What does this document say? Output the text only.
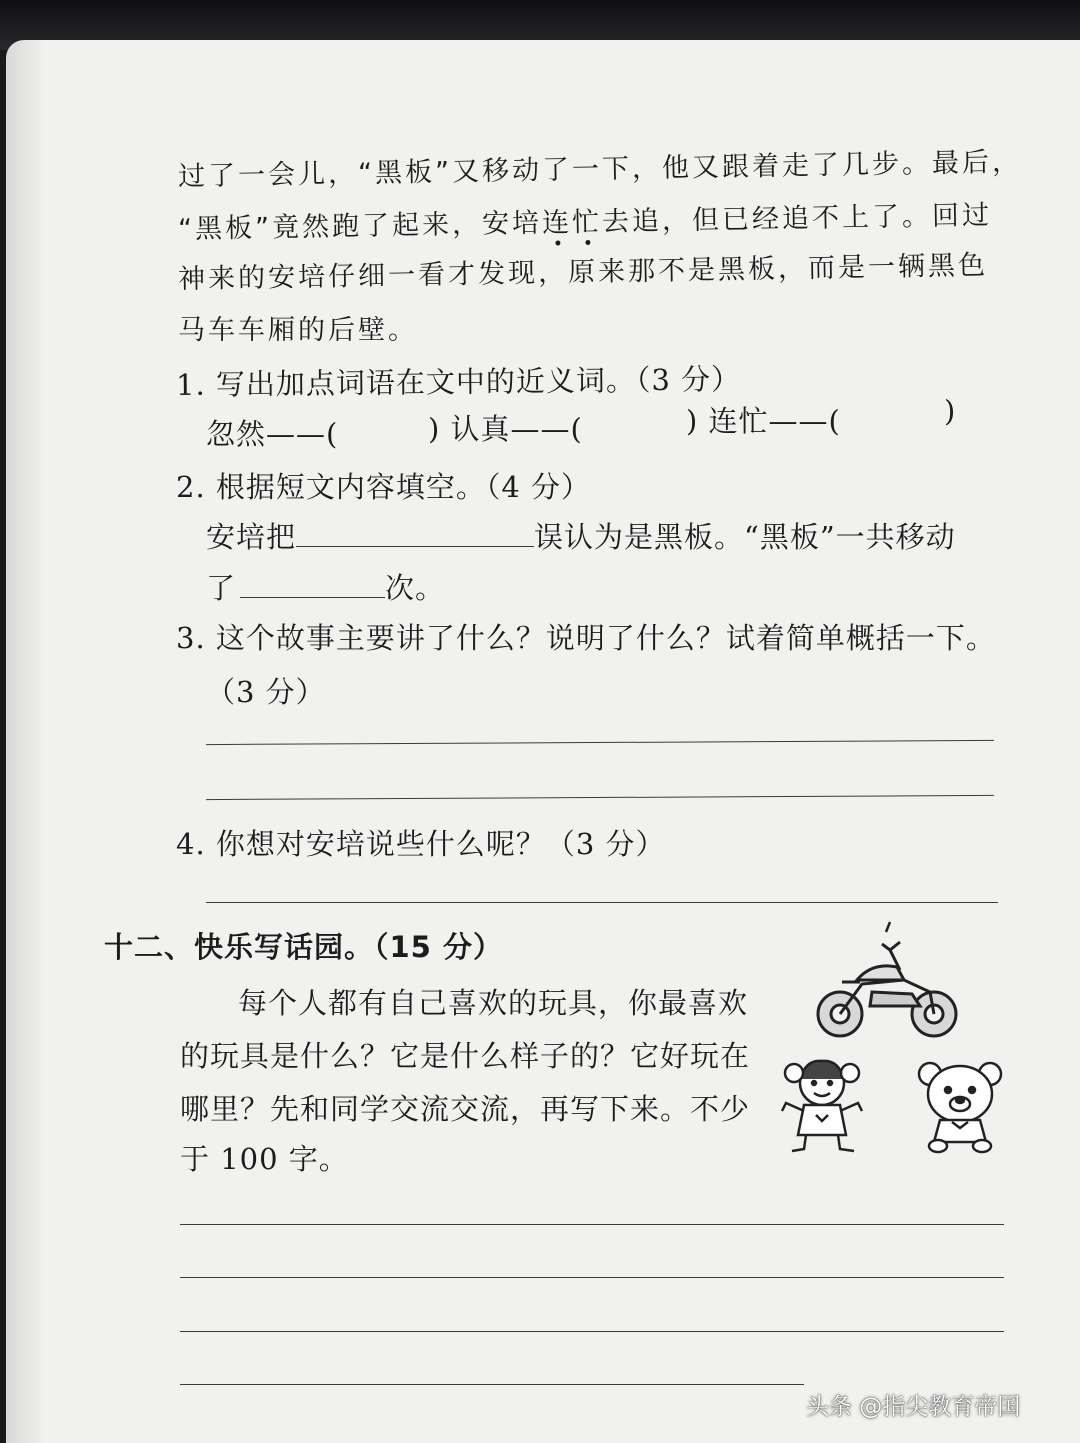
过了一会儿，“黑板”又移动了一下，他又跟着走了几步。最后，
“黑板”竟然跑了起来，安培连忙
去追，但已经追不上了。回过
神来的安培仔细一看才发现，原来那不是黑板，而是一辆黑色
马车车厢的后壁。
1. 写出加点词语在文中的近义词。（3 分）
忽然——(	) 认真——(	) 连忙——(	)
2. 根据短文内容填空。（4 分）
安培把	误认为是黑板。“黑板”一共移动
了	次。
3. 这个故事主要讲了什么？说明了什么？试着简单概括一下。
（3 分）
4. 你想对安培说些什么呢？（3 分）
十二、快乐写话园。（15 分）
每个人都有自己喜欢的玩具，你最喜欢
的玩具是什么？它是什么样子的？它好玩在
哪里？先和同学交流交流，再写下来。不少
于 100 字。
头条 @指尖教育帝国
